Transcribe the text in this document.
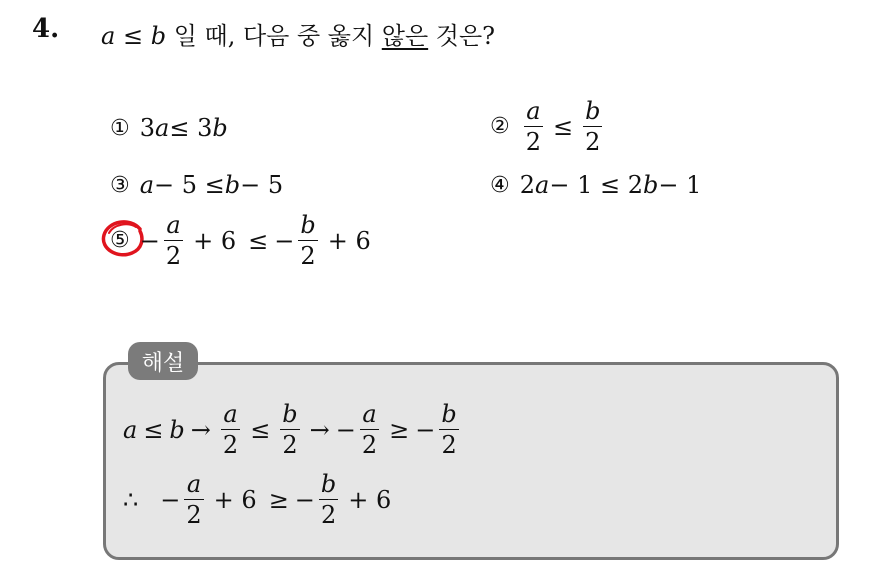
4. a ≤ b 일 때, 다음 중 옳지 않은 것은?
① 3 a ≤ 3 b	② $\frac{a}{2} \le \frac{b}{2}$
③ a − 5 ≤ b − 5	④ 2 a − 1 ≤ 2 b − 1
⑤ − $\frac{a}{2} + 6$ ≤ − $\frac{b}{2} + 6$
해설
$a \le b \to \frac{a}{2} \le \frac{b}{2}$ → − $\frac{a}{2}$ ≥ − $\frac{b}{2}$
∴ − $\frac{a}{2} + 6$ ≥ − $\frac{b}{2} + 6$
